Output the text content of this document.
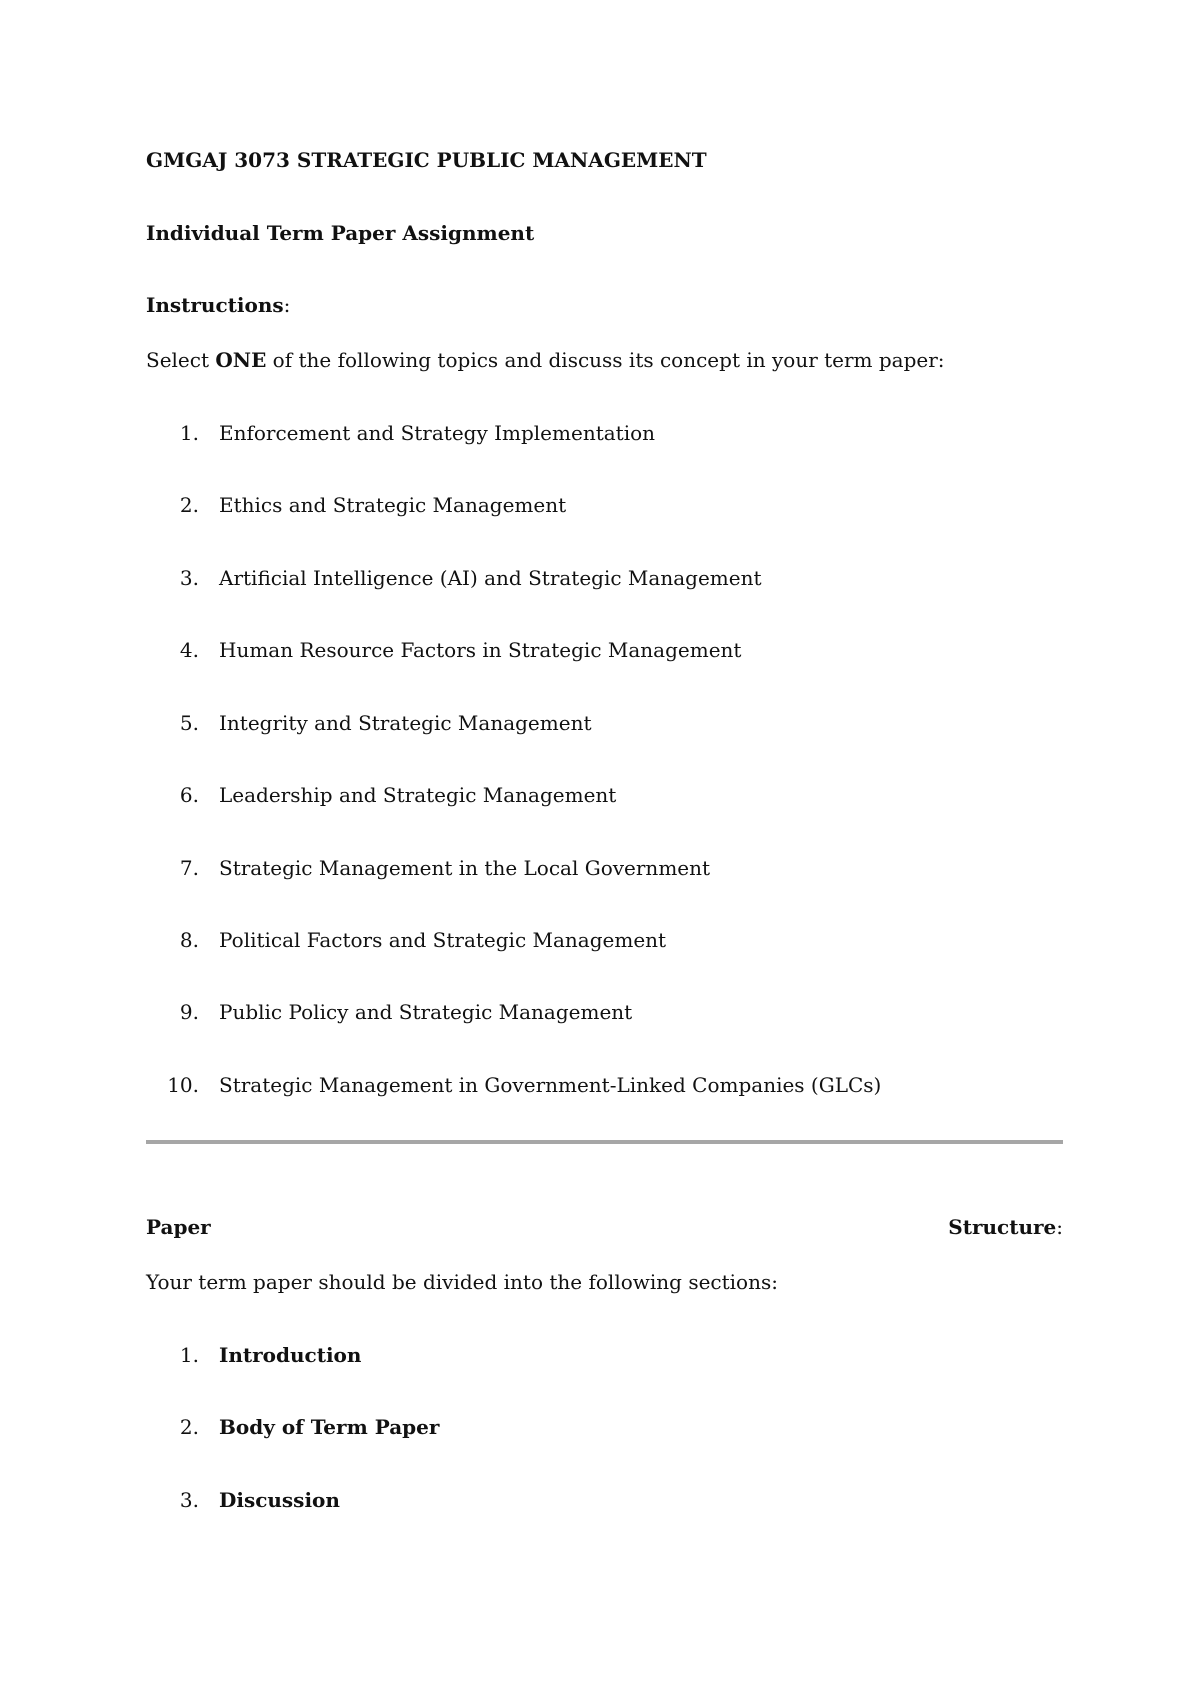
GMGAJ 3073 STRATEGIC PUBLIC MANAGEMENT
Individual Term Paper Assignment
Instructions:
Select ONE of the following topics and discuss its concept in your term paper:
1. Enforcement and Strategy Implementation
2. Ethics and Strategic Management
3. Artificial Intelligence (AI) and Strategic Management
4. Human Resource Factors in Strategic Management
5. Integrity and Strategic Management
6. Leadership and Strategic Management
7. Strategic Management in the Local Government
8. Political Factors and Strategic Management
9. Public Policy and Strategic Management
10. Strategic Management in Government-Linked Companies (GLCs)
Paper	Structure:
Your term paper should be divided into the following sections:
1. Introduction
2. Body of Term Paper
3. Discussion
